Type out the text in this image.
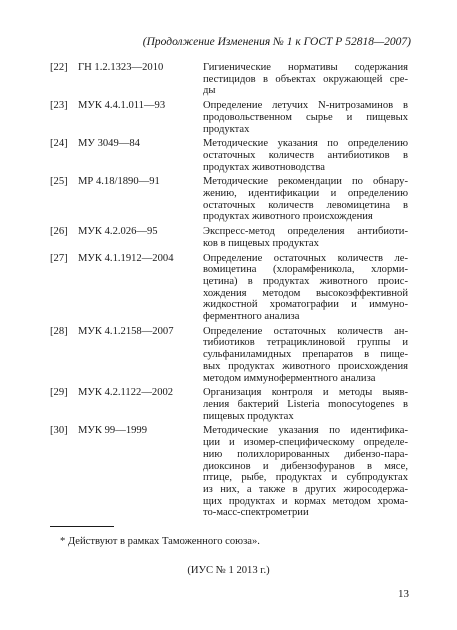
(Продолжение Изменения № 1 к ГОСТ Р 52818—2007)
[22] ГН 1.2.1323—2010	Гигиенические нормативы содержания
пестицидов в объектах окружающей сре-
ды
[23] МУК 4.4.1.011—93	Определение летучих N-нитрозаминов в
продовольственном сырье и пищевых
продуктах
[24] МУ 3049—84	Методические указания по определению
остаточных количеств антибиотиков в
продуктах животноводства
[25] МР 4.18/1890—91	Методические рекомендации по обнару-
жению, идентификации и определению
остаточных количеств левомицетина в
продуктах животного происхождения
[26] МУК 4.2.026—95	Экспресс-метод определения антибиоти-
ков в пищевых продуктах
[27] МУК 4.1.1912—2004	Определение остаточных количеств ле-
вомицетина (хлорамфеникола, хлорми-
цетина) в продуктах животного проис-
хождения методом высокоэффективной
жидкостной хроматографии и иммуно-
ферментного анализа
[28] МУК 4.1.2158—2007	Определение остаточных количеств ан-
тибиотиков тетрациклиновой группы и
сульфаниламидных препаратов в пище-
вых продуктах животного происхождения
методом иммуноферментного анализа
[29] МУК 4.2.1122—2002	Организация контроля и методы выяв-
ления бактерий Listeria monocytogenes в
пищевых продуктах
[30] МУК 99—1999	Методические указания по идентифика-
ции и изомер-специфическому определе-
нию полихлорированных дибензо-пара-
диоксинов и дибензофуранов в мясе,
птице, рыбе, продуктах и субпродуктах
из них, а также в других жиросодержа-
щих продуктах и кормах методом хрома-
то-масс-спектрометрии
* Действуют в рамках Таможенного союза».
(ИУС № 1 2013 г.)
13
